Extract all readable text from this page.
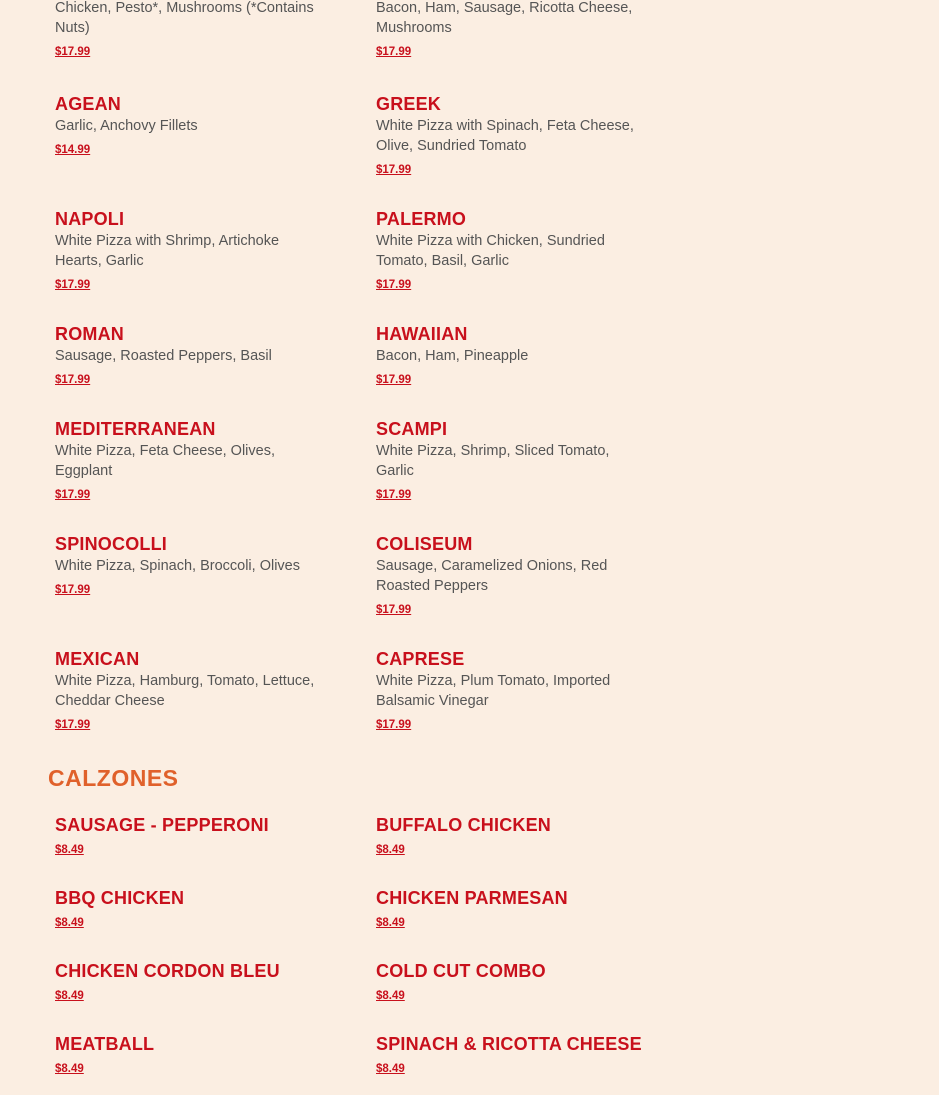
Chicken, Pesto*, Mushrooms (*Contains Nuts)
$17.99
Bacon, Ham, Sausage, Ricotta Cheese, Mushrooms
$17.99
AGEAN
Garlic, Anchovy Fillets
$14.99
GREEK
White Pizza with Spinach, Feta Cheese, Olive, Sundried Tomato
$17.99
NAPOLI
White Pizza with Shrimp, Artichoke Hearts, Garlic
$17.99
PALERMO
White Pizza with Chicken, Sundried Tomato, Basil, Garlic
$17.99
ROMAN
Sausage, Roasted Peppers, Basil
$17.99
HAWAIIAN
Bacon, Ham, Pineapple
$17.99
MEDITERRANEAN
White Pizza, Feta Cheese, Olives, Eggplant
$17.99
SCAMPI
White Pizza, Shrimp, Sliced Tomato, Garlic
$17.99
SPINOCOLLI
White Pizza, Spinach, Broccoli, Olives
$17.99
COLISEUM
Sausage, Caramelized Onions, Red Roasted Peppers
$17.99
MEXICAN
White Pizza, Hamburg, Tomato, Lettuce, Cheddar Cheese
$17.99
CAPRESE
White Pizza, Plum Tomato, Imported Balsamic Vinegar
$17.99
CALZONES
SAUSAGE - PEPPERONI
$8.49
BUFFALO CHICKEN
$8.49
BBQ CHICKEN
$8.49
CHICKEN PARMESAN
$8.49
CHICKEN CORDON BLEU
$8.49
COLD CUT COMBO
$8.49
MEATBALL
$8.49
SPINACH & RICOTTA CHEESE
$8.49
